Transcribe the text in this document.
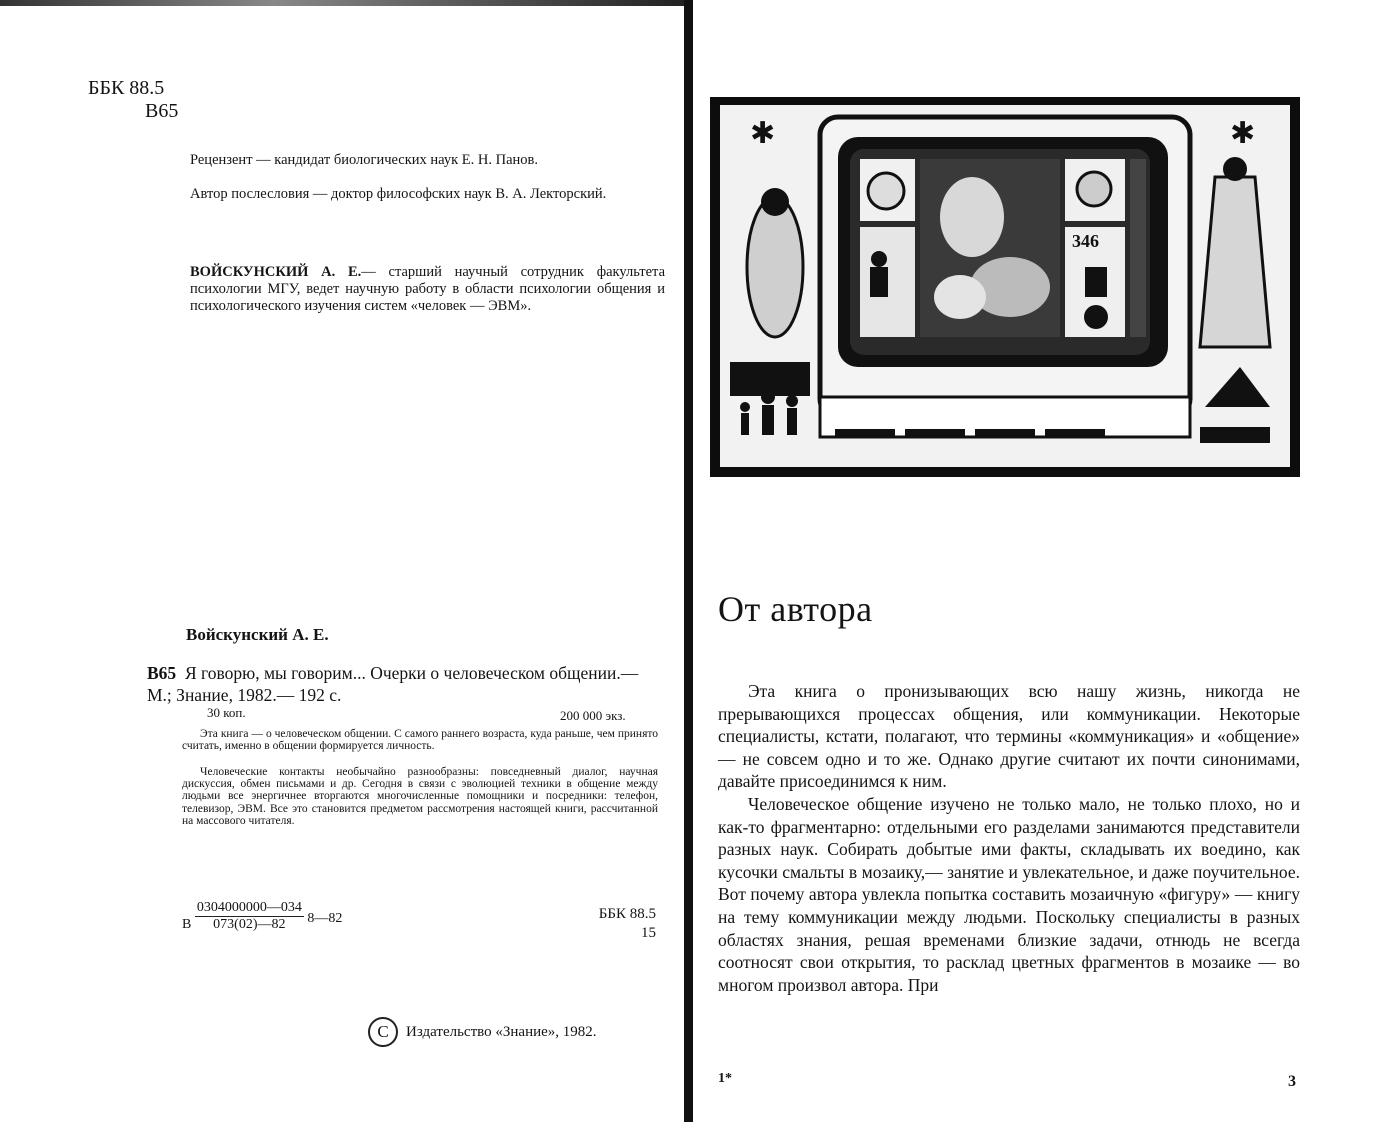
ББК 88.5
В65
Рецензент — кандидат биологических наук Е. Н. Панов.
Автор послесловия — доктор философских наук В. А. Лекторский.
ВОЙСКУНСКИЙ А. Е.— старший научный сотрудник факультета психологии МГУ, ведет научную работу в области психологии общения и психологического изучения систем «человек — ЭВМ».
Войскунский А. Е.
В65 Я говорю, мы говорим... Очерки о человеческом общении.— М.; Знание, 1982.— 192 с.
30 коп.	200 000 экз.
Эта книга — о человеческом общении. С самого раннего возраста, куда раньше, чем принято считать, именно в общении формируется личность.
Человеческие контакты необычайно разнообразны: повседневный диалог, научная дискуссия, обмен письмами и др. Сегодня в связи с эволюцией техники в общение между людьми все энергичнее вторгаются многочисленные помощники и посредники: телефон, телевизор, ЭВМ. Все это становится предметом рассмотрения настоящей книги, рассчитанной на массового читателя.
В $\frac{0304000000—034}{073(02)—82}$ 8—82	ББК 88.5
15
C	Издательство «Знание», 1982.
346
✱	✱
От автора

Эта книга о пронизывающих всю нашу жизнь, никогда не прерывающихся процессах общения, или коммуникации. Некоторые специалисты, кстати, полагают, что термины «коммуникация» и «общение» — не совсем одно и то же. Однако другие считают их почти синонимами, давайте присоединимся к ним.

Человеческое общение изучено не только мало, не только плохо, но и как-то фрагментарно: отдельными его разделами занимаются представители разных наук. Собирать добытые ими факты, складывать их воедино, как кусочки смальты в мозаику,— занятие и увлекательное, и даже поучительное. Вот почему автора увлекла попытка составить мозаичную «фигуру» — книгу на тему коммуникации между людьми. Поскольку специалисты в разных областях знания, решая временами близкие задачи, отнюдь не всегда соотносят свои открытия, то расклад цветных фрагментов в мозаике — во многом произвол автора. При

1*	3
